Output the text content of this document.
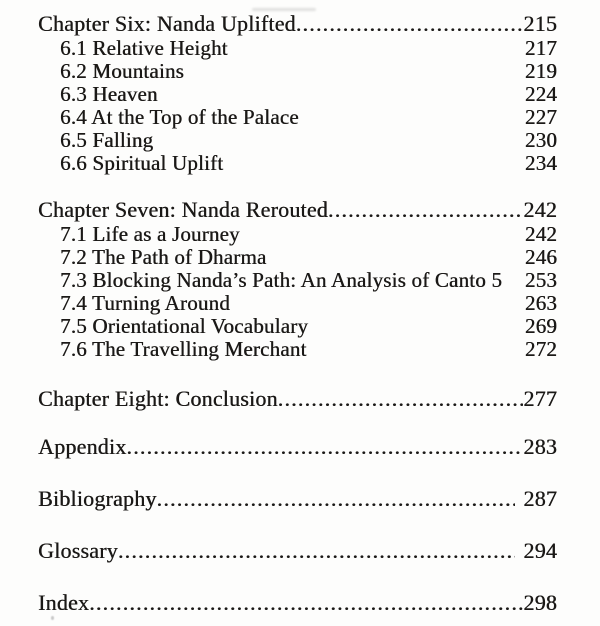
Chapter Six: Nanda Uplifted .....	215
6.1 Relative Height	217
6.2 Mountains	219
6.3 Heaven	224
6.4 At the Top of the Palace	227
6.5 Falling	230
6.6 Spiritual Uplift	234
Chapter Seven: Nanda Rerouted .....	242
7.1 Life as a Journey	242
7.2 The Path of Dharma	246
7.3 Blocking Nanda’s Path: An Analysis of Canto 5 253
7.4 Turning Around	263
7.5 Orientational Vocabulary	269
7.6 The Travelling Merchant	272
Chapter Eight: Conclusion .....	277
Appendix .....	283
Bibliography .....	287
Glossary .....	294
Index .....	298
